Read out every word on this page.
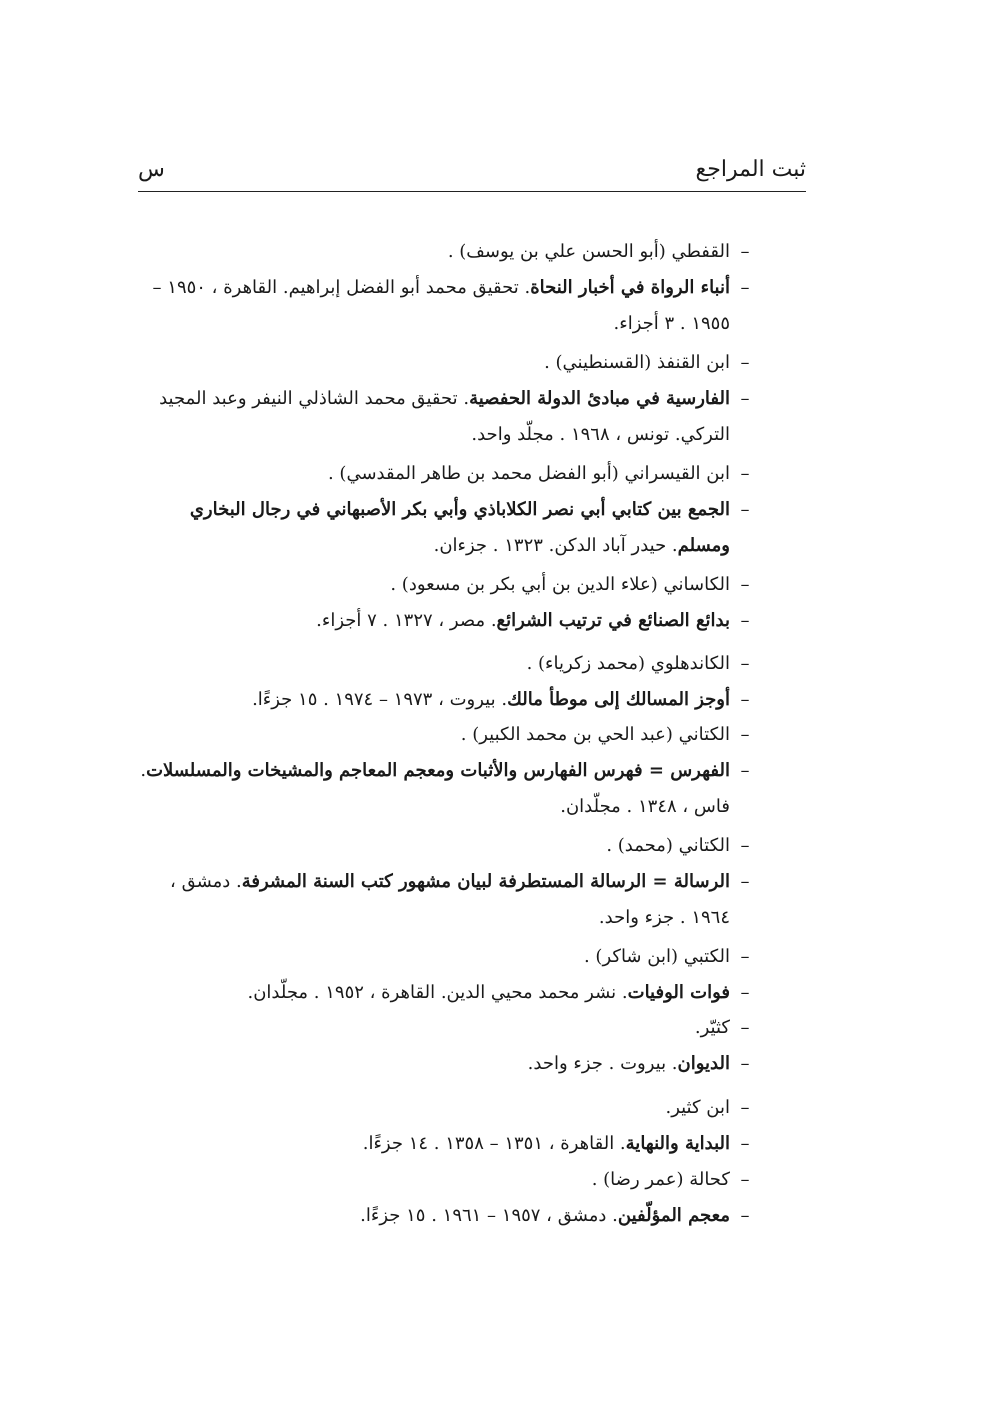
ثبت المراجع
س
–القفطي (أبو الحسن علي بن يوسف) .
–أنباء الرواة في أخبار النحاة. تحقيق محمد أبو الفضل إبراهيم. القاهرة ، ١٩٥٠ – ١٩٥٥ . ٣ أجزاء.
–ابن القنفذ (القسنطيني) .
–الفارسية في مبادئ الدولة الحفصية. تحقيق محمد الشاذلي النيفر وعبد المجيد التركي. تونس ، ١٩٦٨ . مجلّد واحد.
–ابن القيسراني (أبو الفضل محمد بن طاهر المقدسي) .
–الجمع بين كتابي أبي نصر الكلاباذي وأبي بكر الأصبهاني في رجال البخاري ومسلم. حيدر آباد الدكن. ١٣٢٣ . جزءان.
–الكاساني (علاء الدين بن أبي بكر بن مسعود) .
–بدائع الصنائع في ترتيب الشرائع. مصر ، ١٣٢٧ . ٧ أجزاء.
–الكاندهلوي (محمد زكرياء) .
–أوجز المسالك إلى موطأ مالك. بيروت ، ١٩٧٣ – ١٩٧٤ . ١٥ جزءًا.
–الكتاني (عبد الحي بن محمد الكبير) .
–الفهرس = فهرس الفهارس والأثبات ومعجم المعاجم والمشيخات والمسلسلات. فاس ، ١٣٤٨ . مجلّدان.
–الكتاني (محمد) .
–الرسالة = الرسالة المستطرفة لبيان مشهور كتب السنة المشرفة. دمشق ، ١٩٦٤ . جزء واحد.
–الكتبي (ابن شاكر) .
–فوات الوفيات. نشر محمد محيي الدين. القاهرة ، ١٩٥٢ . مجلّدان.
–كثيّر.
–الديوان. بيروت . جزء واحد.
–ابن كثير.
–البداية والنهاية. القاهرة ، ١٣٥١ – ١٣٥٨ . ١٤ جزءًا.
–كحالة (عمر رضا) .
–معجم المؤلّفين. دمشق ، ١٩٥٧ – ١٩٦١ . ١٥ جزءًا.
